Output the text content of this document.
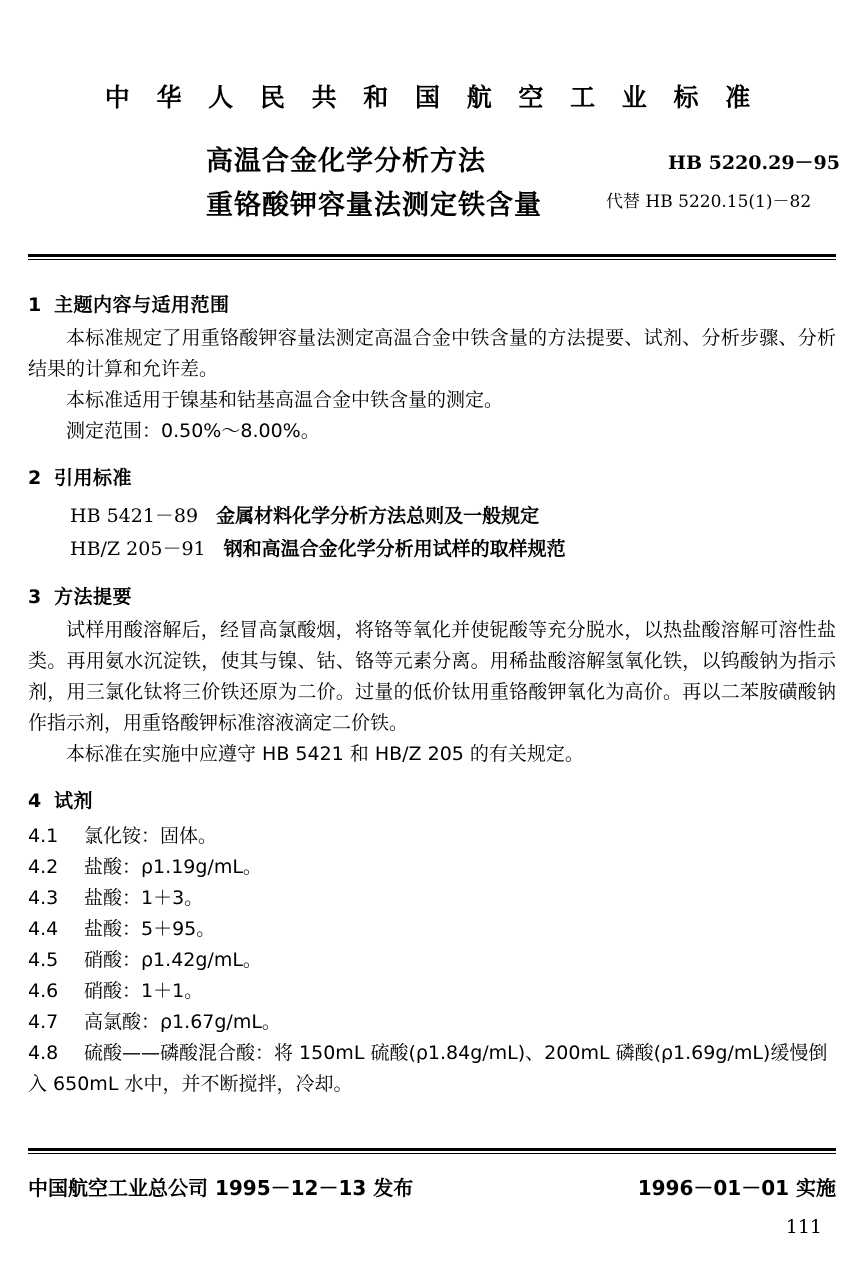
中 华 人 民 共 和 国 航 空 工 业 标 准
高温合金化学分析方法
重铬酸钾容量法测定铁含量
HB 5220.29－95
代替 HB 5220.15(1)－82
1 主题内容与适用范围

本标准规定了用重铬酸钾容量法测定高温合金中铁含量的方法提要、试剂、分析步骤、分析结果的计算和允许差。

本标准适用于镍基和钴基高温合金中铁含量的测定。

测定范围：0.50%～8.00%。

2 引用标准
HB 5421－89 金属材料化学分析方法总则及一般规定
HB/Z 205－91 钢和高温合金化学分析用试样的取样规范
3 方法提要

试样用酸溶解后，经冒高氯酸烟，将铬等氧化并使铌酸等充分脱水，以热盐酸溶解可溶性盐类。再用氨水沉淀铁，使其与镍、钴、铬等元素分离。用稀盐酸溶解氢氧化铁，以钨酸钠为指示剂，用三氯化钛将三价铁还原为二价。过量的低价钛用重铬酸钾氧化为高价。再以二苯胺磺酸钠作指示剂，用重铬酸钾标准溶液滴定二价铁。

本标准在实施中应遵守 HB 5421 和 HB/Z 205 的有关规定。

4 试剂
4.1	氯化铵：固体。
4.2	盐酸：ρ1.19g/mL。
4.3	盐酸：1＋3。
4.4	盐酸：5＋95。
4.5	硝酸：ρ1.42g/mL。
4.6	硝酸：1＋1。
4.7	高氯酸：ρ1.67g/mL。
4.8 硫酸——磷酸混合酸：将 150mL 硫酸(ρ1.84g/mL)、200mL 磷酸(ρ1.69g/mL)缓慢倒入 650mL 水中，并不断搅拌，冷却。
中国航空工业总公司 1995－12－13 发布	1996－01－01 实施
111
